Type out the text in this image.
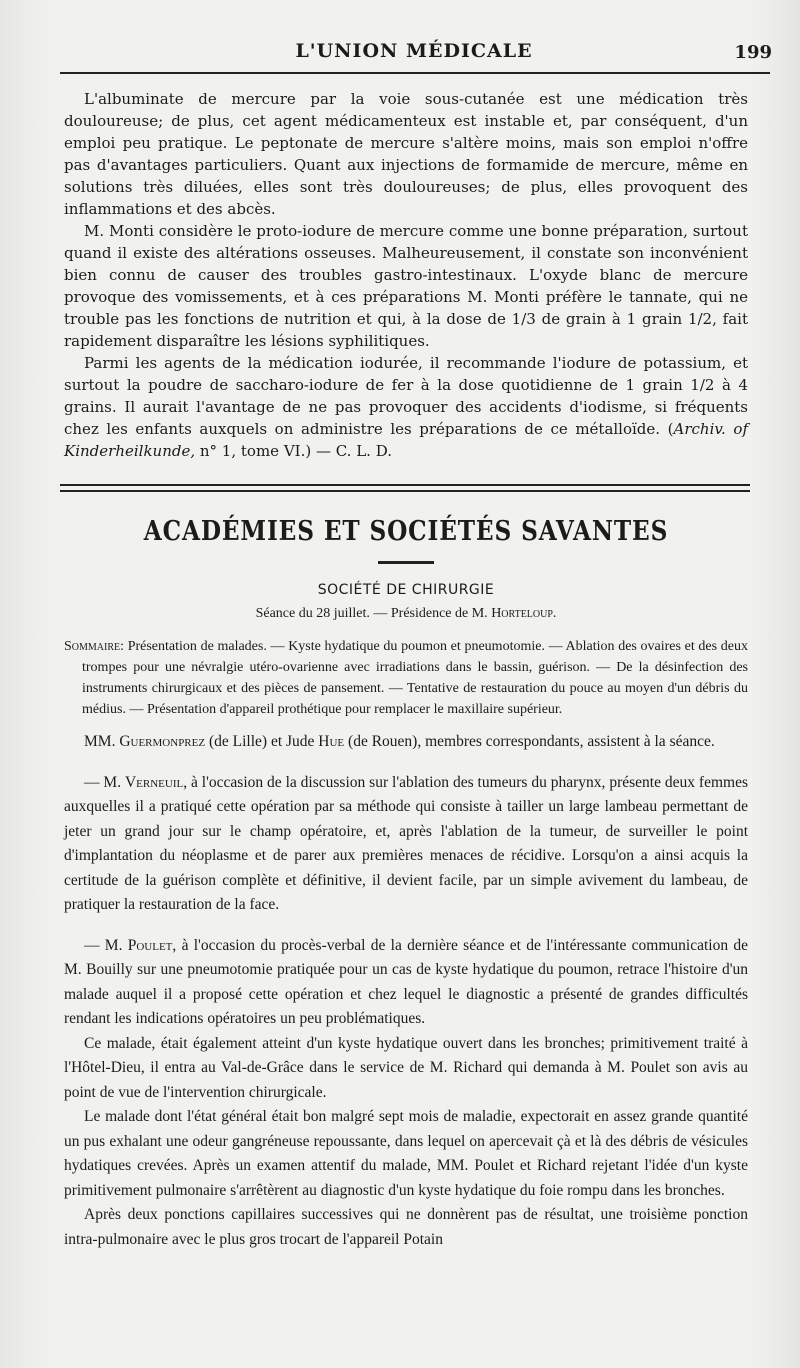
L'UNION MÉDICALE	199

L'albuminate de mercure par la voie sous-cutanée est une médication très douloureuse; de plus, cet agent médicamenteux est instable et, par conséquent, d'un emploi peu pratique. Le peptonate de mercure s'altère moins, mais son emploi n'offre pas d'avantages particuliers. Quant aux injections de formamide de mercure, même en solutions très diluées, elles sont très douloureuses; de plus, elles provoquent des inflammations et des abcès.

M. Monti considère le proto-iodure de mercure comme une bonne préparation, surtout quand il existe des altérations osseuses. Malheureusement, il constate son inconvénient bien connu de causer des troubles gastro-intestinaux. L'oxyde blanc de mercure provoque des vomissements, et à ces préparations M. Monti préfère le tannate, qui ne trouble pas les fonctions de nutrition et qui, à la dose de 1/3 de grain à 1 grain 1/2, fait rapidement disparaître les lésions syphilitiques.

Parmi les agents de la médication iodurée, il recommande l'iodure de potassium, et surtout la poudre de saccharo-iodure de fer à la dose quotidienne de 1 grain 1/2 à 4 grains. Il aurait l'avantage de ne pas provoquer des accidents d'iodisme, si fréquents chez les enfants auxquels on administre les préparations de ce métalloïde. (Archiv. of Kinderheilkunde, n° 1, tome VI.) — C. L. D.

ACADÉMIES ET SOCIÉTÉS SAVANTES
SOCIÉTÉ DE CHIRURGIE
Séance du 28 juillet. — Présidence de M. Horteloup.
Sommaire: Présentation de malades. — Kyste hydatique du poumon et pneumotomie. — Ablation des ovaires et des deux trompes pour une névralgie utéro-ovarienne avec irradiations dans le bassin, guérison. — De la désinfection des instruments chirurgicaux et des pièces de pansement. — Tentative de restauration du pouce au moyen d'un débris du médius. — Présentation d'appareil prothétique pour remplacer le maxillaire supérieur.

MM. Guermonprez (de Lille) et Jude Hue (de Rouen), membres correspondants, assistent à la séance.

— M. Verneuil, à l'occasion de la discussion sur l'ablation des tumeurs du pharynx, présente deux femmes auxquelles il a pratiqué cette opération par sa méthode qui consiste à tailler un large lambeau permettant de jeter un grand jour sur le champ opératoire, et, après l'ablation de la tumeur, de surveiller le point d'implantation du néoplasme et de parer aux premières menaces de récidive. Lorsqu'on a ainsi acquis la certitude de la guérison complète et définitive, il devient facile, par un simple avivement du lambeau, de pratiquer la restauration de la face.

— M. Poulet, à l'occasion du procès-verbal de la dernière séance et de l'intéressante communication de M. Bouilly sur une pneumotomie pratiquée pour un cas de kyste hydatique du poumon, retrace l'histoire d'un malade auquel il a proposé cette opération et chez lequel le diagnostic a présenté de grandes difficultés rendant les indications opératoires un peu problématiques.

Ce malade, était également atteint d'un kyste hydatique ouvert dans les bronches; primitivement traité à l'Hôtel-Dieu, il entra au Val-de-Grâce dans le service de M. Richard qui demanda à M. Poulet son avis au point de vue de l'intervention chirurgicale.

Le malade dont l'état général était bon malgré sept mois de maladie, expectorait en assez grande quantité un pus exhalant une odeur gangréneuse repoussante, dans lequel on apercevait çà et là des débris de vésicules hydatiques crevées. Après un examen attentif du malade, MM. Poulet et Richard rejetant l'idée d'un kyste primitivement pulmonaire s'arrêtèrent au diagnostic d'un kyste hydatique du foie rompu dans les bronches.

Après deux ponctions capillaires successives qui ne donnèrent pas de résultat, une troisième ponction intra-pulmonaire avec le plus gros trocart de l'appareil Potain
